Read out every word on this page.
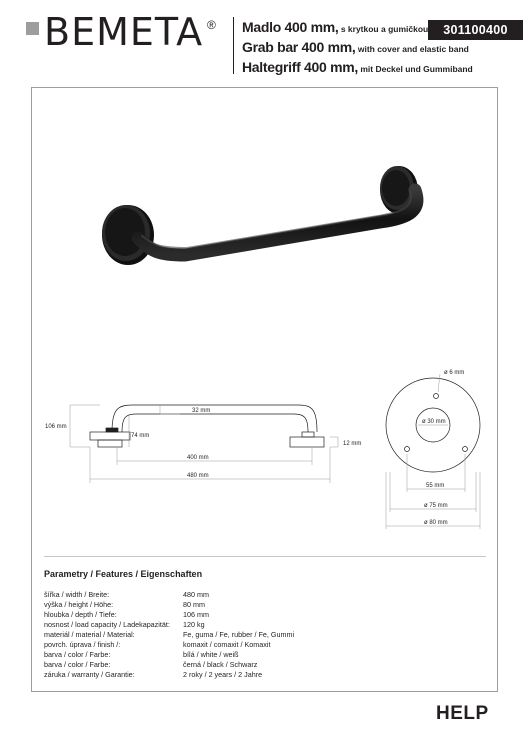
BEMETA ® Madlo 400 mm, s krytkou a gumičkou
Grab bar 400 mm, with cover and elastic band
Haltegriff 400 mm, mit Deckel und Gummiband
301100400
106 mm
32 mm
74 mm
12 mm
400 mm
480 mm
ø 6 mm
ø 30 mm
55 mm
ø 75 mm
ø 80 mm
Parametry / Features / Eigenschaften
šířka / width / Breite:	480 mm
výška / height / Höhe:	80 mm
hloubka / depth / Tiefe:	106 mm
nosnost / load capacity / Ladekapazität: 120 kg
materiál / material / Material:	Fe, guma / Fe, rubber / Fe, Gummi
povrch. úprava / finish /:	komaxit / comaxit / Komaxit
barva / color / Farbe:	bílá / white / weiß
barva / color / Farbe:	černá / black / Schwarz
záruka / warranty / Garantie:	2 roky / 2 years / 2 Jahre
HELP
